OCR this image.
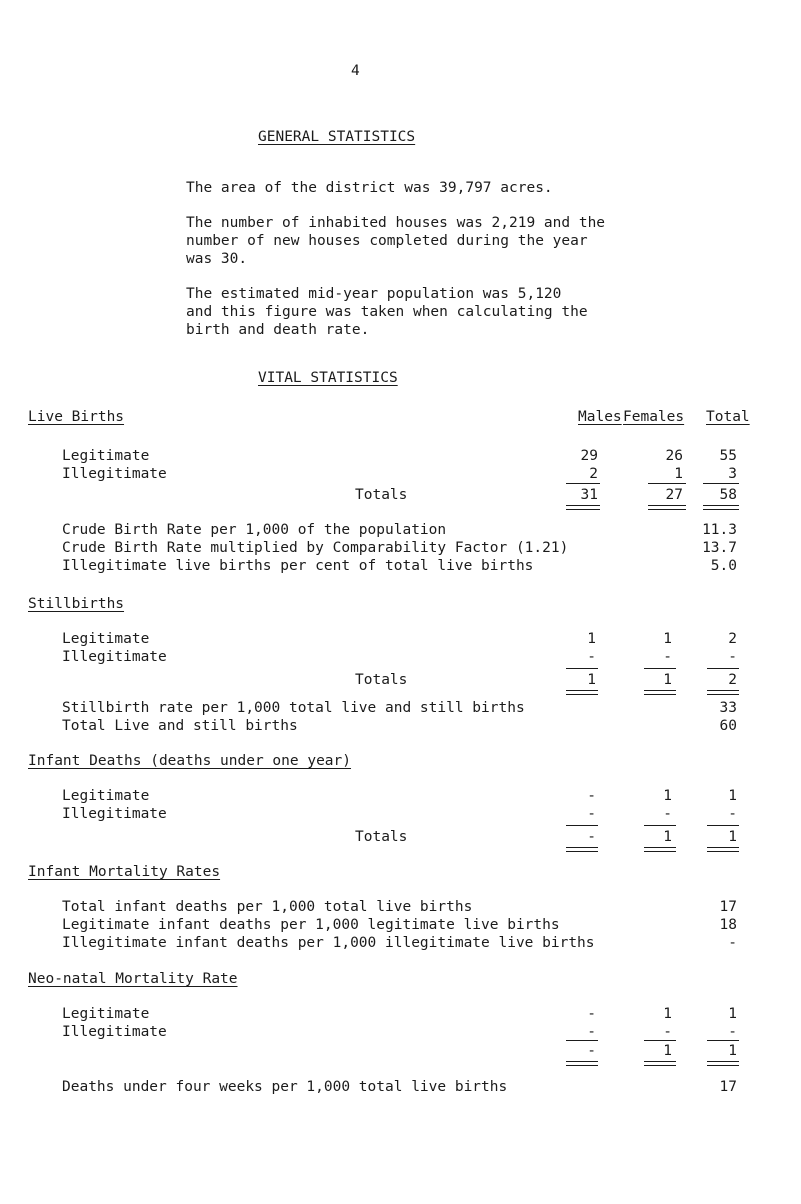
4
GENERAL STATISTICS
The area of the district was 39,797 acres.
The number of inhabited houses was 2,219 and the
number of new houses completed during the year
was 30.
The estimated mid-year population was 5,120
and this figure was taken when calculating the
birth and death rate.
VITAL STATISTICS
Live Births	Males Females Total
Legitimate	29	26	55
Illegitimate	2	1	3
Totals	31	27	58
Crude Birth Rate per 1,000 of the population	11.3
Crude Birth Rate multiplied by Comparability Factor (1.21)	13.7
Illegitimate live births per cent of total live births	5.0
Stillbirths
Legitimate	1	1	2
Illegitimate	-	-	-
Totals	1	1	2
Stillbirth rate per 1,000 total live and still births	33
Total Live and still births	60
Infant Deaths (deaths under one year)
Legitimate	-	1	1
Illegitimate	-	-	-
Totals	-	1	1
Infant Mortality Rates
Total infant deaths per 1,000 total live births	17
Legitimate infant deaths per 1,000 legitimate live births	18
Illegitimate infant deaths per 1,000 illegitimate live births	-
Neo-natal Mortality Rate
Legitimate	-	1	1
Illegitimate	-	-	-
-	1	1
Deaths under four weeks per 1,000 total live births	17
